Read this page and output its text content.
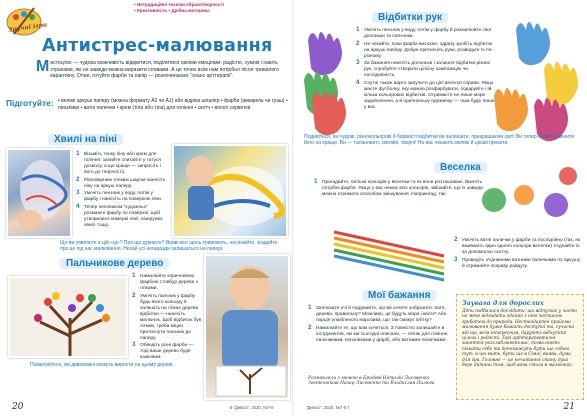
Зручні ігри
• Нетрадиційні техніки образотворчості
• Креативність • Дрібна моторика
Антистрес-малювання
М истецтво — чудова можливість відкритися, поділитися своїми емоціями: радістю, сумом і навіть страхами, які не завжди можна виразити словами. А це точно всім нам потрібно після тривалого карантину. Отже, готуйте фарби та папір — розпочинаємо “сеанс арттерапії”.
Підготуйте: • великі аркуші паперу (можна формату А2 чи А1) або відріки шпалер • фарби (акварель чи гуаш) • пензлики • ватні палички • крем (тіла або тіла) для гоління • скотч • вологі серветки
Хвилі на піні
1 Візьміть тонку піну або крем для гоління: запийте спитайте у татуся дозволу, а ще краще — запросіть і його до творчості).
2 Рівномірним тонким шаром нанесіть піну на аркуш паперу.
3 Умочіть пензлик у воду, потім у фарбу і нанесіть на поверхню піни.
4 Тепер пензликом “художньо” розмажте фарбу по поверхні, щоб утворилися химерні лінії, візерунки, хвилі тощо.
Що ви уявляєте в цій «ці»? Про що думаєте? Вияві все щось тривожить, неспокійте, згадайте про це під час малювання. Нехай усі негаразди залишаться на папері.
Пальчикове дерево
1 Намалюйте коричневою фарбою стовбур дерева з гілками.
2 Умочіть пальчик у фарбу будь-якого кольору й залишіть на гілках дерева відбитки — нанесіть малюнок. Щоб відбиток був чітким, треба міцно притиснути пальчик до паперу.
3 Обведіть різні фарби — тоді ваше дерево буде казковим.
Помилуйтеся, які дивовижні можуть вирости на цьому дереві.
20	6 “Дивосі”, 2020, №7-8
Відбитки рук
1 Умочіть пензлик у воду, потім у фарбу й розмалюйте свої долоньки та пальчики.
2 Не чекайте, поки фарба висохне, одразу зробіть відбиток на аркуші паперу. Добре притисніть руки, розводьте їх по-різному.
3 За бажання нанесіть долоньки і залиште відбитки різних рук, спробуйте створити цілісну композицію чи послідовність.
4 Спутні також варто залучити до цієї веселої справи. Якщо маєте футболку, яку можна розфарбувати, подаруйте і їй кілька кольорових відбитків. Отримаєте не лише море задоволення, а й оригінальну одежинку — така буде лише у вас.
Подивіться, які чудові, різнокольорові й барвисті відбитки ви залишите, прикрашаючи світ! Ви тепер можете змінити його на краще. Ви — талановиті, сміливі, творчі! На вас чекають великі й цікаві проєкти.
Веселка
1 Пригадайте, скільки кольорів у веселки та як вони розташовані. Вмочіть потрібні фарби. Якщо у вас немає всіх кольорів, змішайте, що їх завжди можна отримати способом змішування. Наприклад, так:
2 Умочіть ватні палички у фарби та послідовно (так, як вживають один одного кольори веселки) з'єднайте їх за допомогою скотчу.
3 Проведіть з'єднаними ватними паличками по аркушу й отримайте яскраву райдугу.
Мої бажання
1 Заплющте очі й подумайте, що ви хочете зобразити. Катя, дерево, правильну? Можливо, це будуть мори і квіти? Або порція улюбленого морозива, що так смакує влітку?
2 Намалюйте те, що вам хочеться. З повністю залишайте в інструментів, які ми сьогодні описали, — ліпню для гоління, пальчиками, пензликами у фарбі, або ватними паличками.
Розмовляли з мамою в Бридові Наталій Лисовенко
Зоотехнікові Назар Лисовенко та Владислав Пилюга
Заувага для дорослих
Діти подбалися дослідити, що відпускає у часто не мене відгидати одинно з нею частиною гриботом до природи. Нестандартні прийоми малювання дуже бажать доступні та, сучасна від ще, всім інтересним, дарують відчуття цілого і радості. Такі арттерапевтичні заняття розслаблюють вас, дозволяють пізнати себе та допоможуть бути ще собою тут, в цю мить, бути ще в Сімої, вияви, думи для гри. Головне — це нечитання стану душі бере дитини тим, щоб вона стала в малюнках.
21
“Дивосі”, 2020, №7-8 7
